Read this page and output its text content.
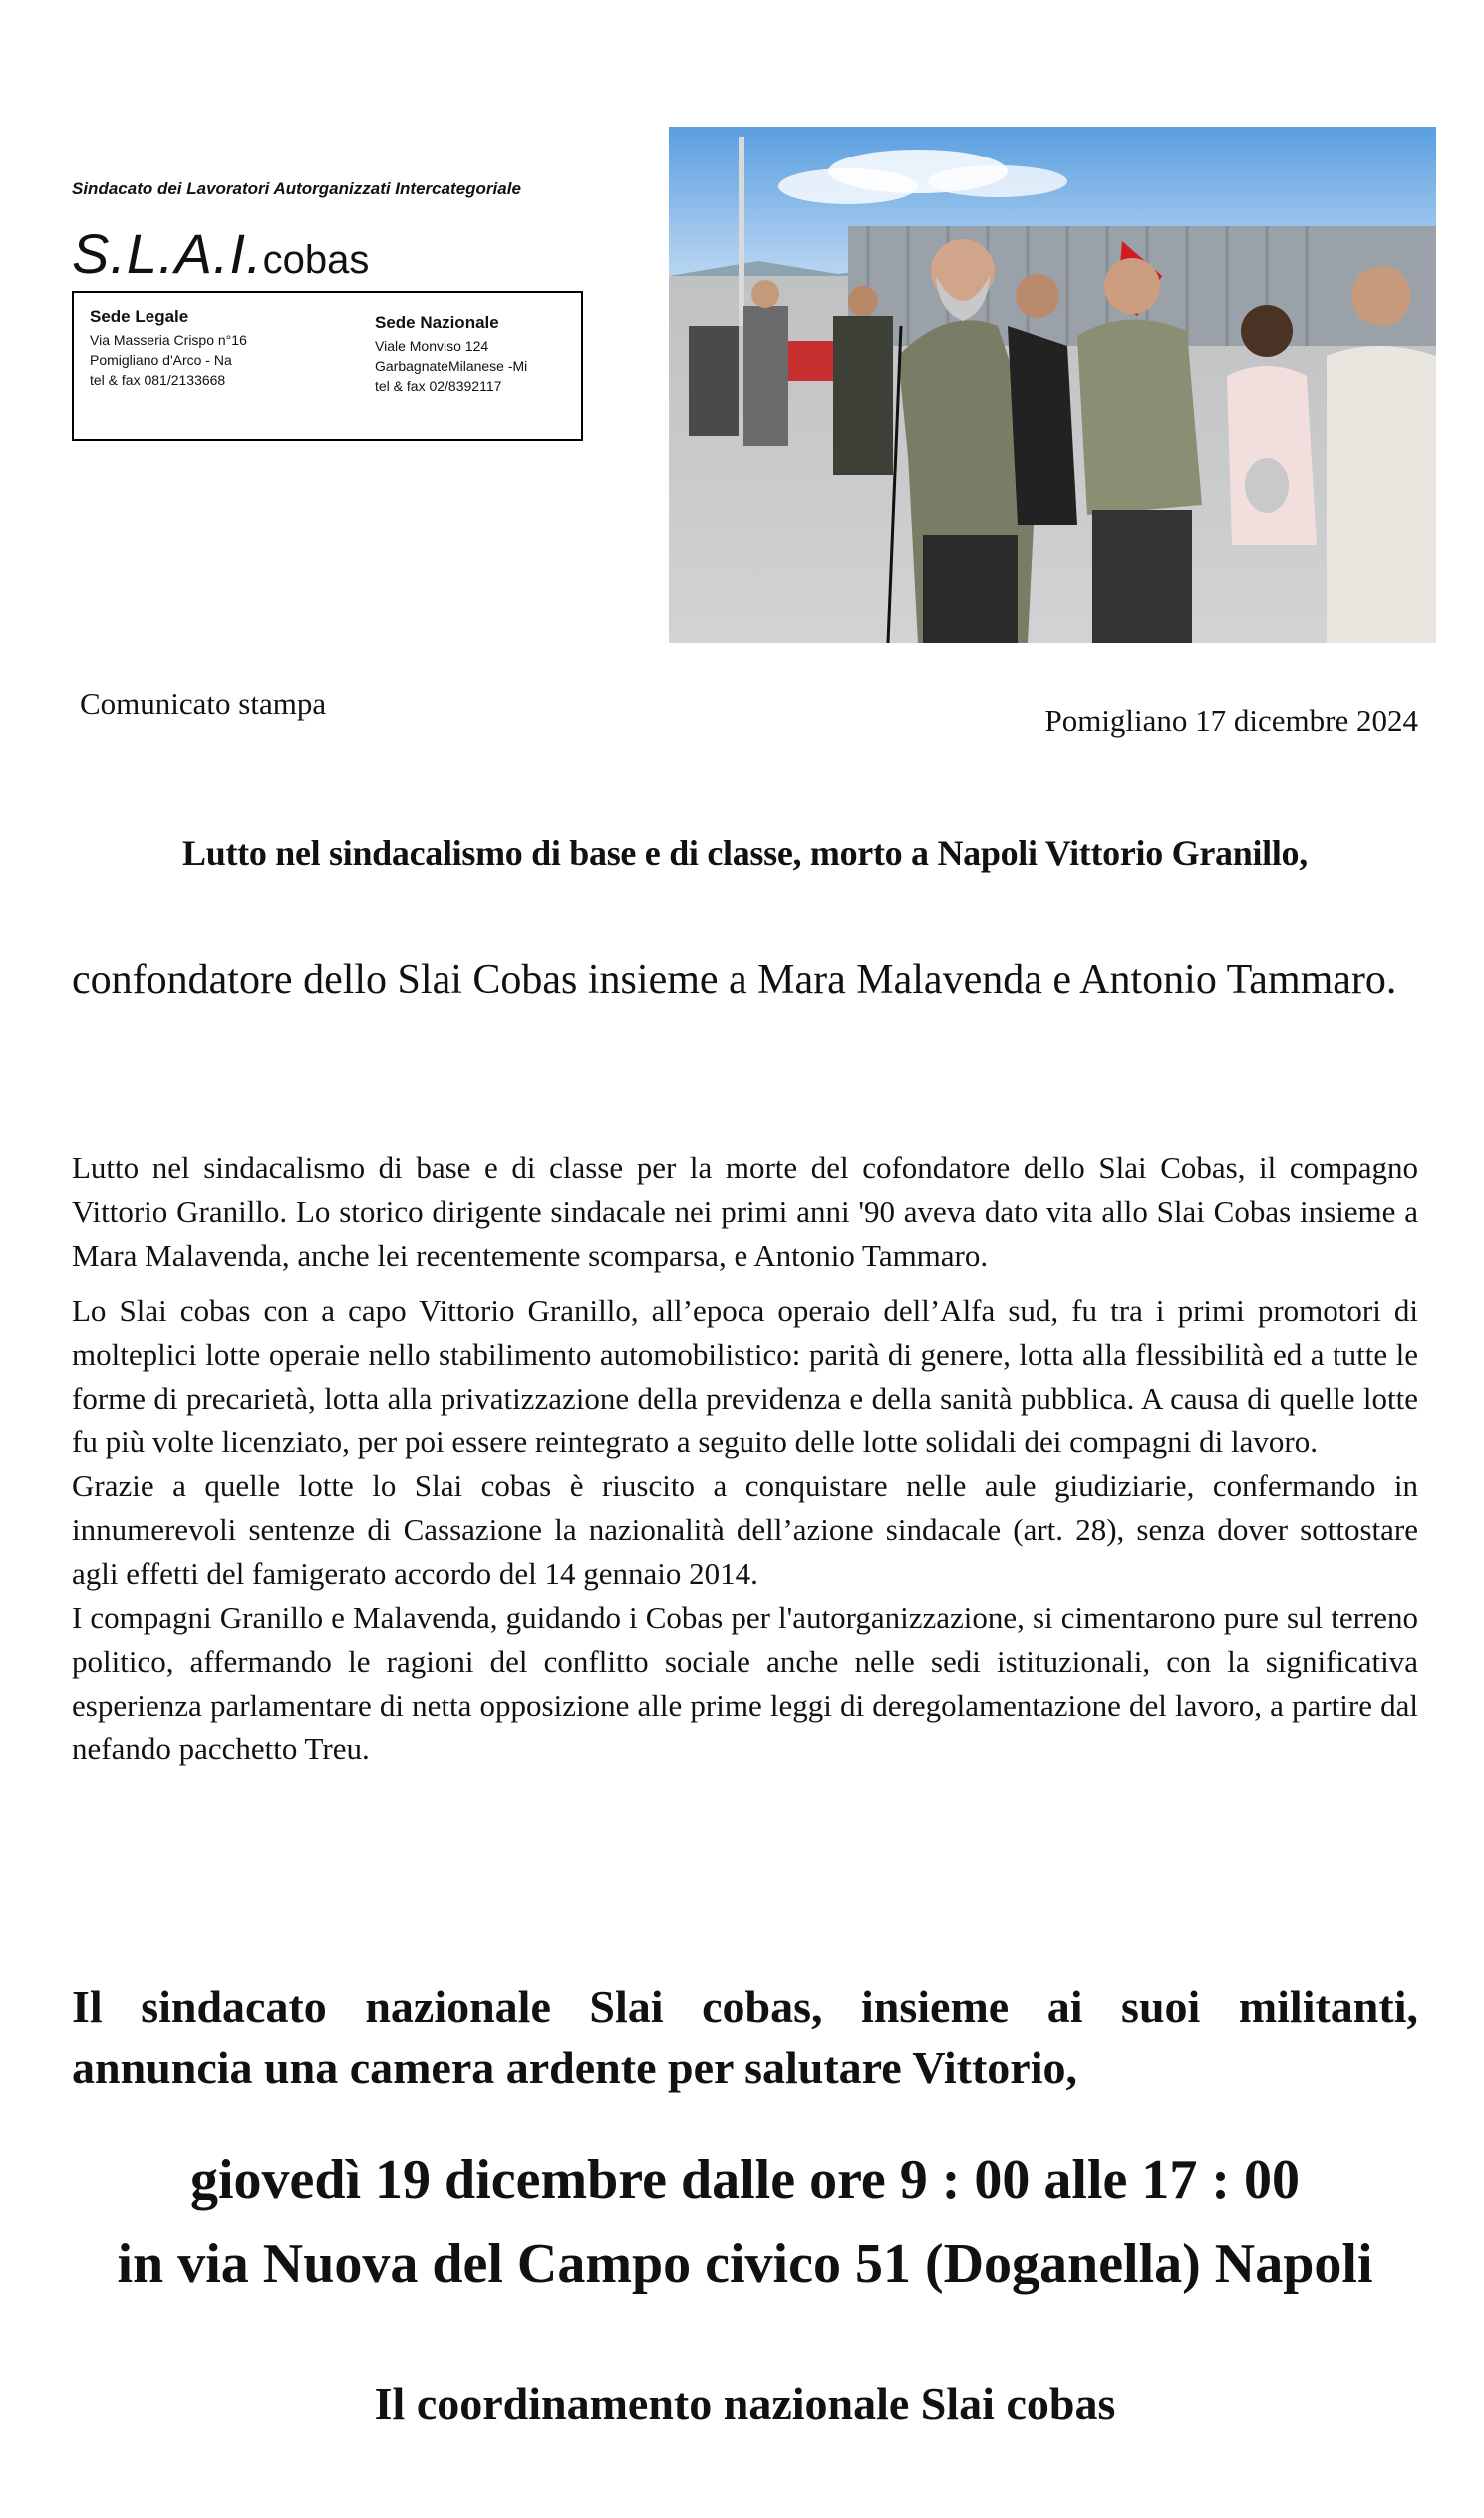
Sindacato dei Lavoratori Autorganizzati Intercategoriale
S.L.A.I.cobas
Sede Legale
Via Masseria Crispo n°16
Pomigliano d'Arco - Na
tel & fax 081/2133668
Sede Nazionale
Viale Monviso 124
GarbagnateMilanese -Mi
tel & fax 02/8392117
Comunicato stampa	Pomigliano 17 dicembre 2024
Lutto nel sindacalismo di base e di classe, morto a Napoli Vittorio Granillo,
confondatore dello Slai Cobas insieme a Mara Malavenda e Antonio Tammaro.

Lutto nel sindacalismo di base e di classe per la morte del cofondatore dello Slai Cobas, il compagno Vittorio Granillo. Lo storico dirigente sindacale nei primi anni '90 aveva dato vita allo Slai Cobas insieme a Mara Malavenda, anche lei recentemente scomparsa, e Antonio Tammaro.

Lo Slai cobas con a capo Vittorio Granillo, all’epoca operaio dell’Alfa sud, fu tra i primi promotori di molteplici lotte operaie nello stabilimento automobilistico: parità di genere, lotta alla flessibilità ed a tutte le forme di precarietà, lotta alla privatizzazione della previdenza e della sanità pubblica. A causa di quelle lotte fu più volte licenziato, per poi essere reintegrato a seguito delle lotte solidali dei compagni di lavoro.

Grazie a quelle lotte lo Slai cobas è riuscito a conquistare nelle aule giudiziarie, confermando in innumerevoli sentenze di Cassazione la nazionalità dell’azione sindacale (art. 28), senza dover sottostare agli effetti del famigerato accordo del 14 gennaio 2014.

I compagni Granillo e Malavenda, guidando i Cobas per l'autorganizzazione, si cimentarono pure sul terreno politico, affermando le ragioni del conflitto sociale anche nelle sedi istituzionali, con la significativa esperienza parlamentare di netta opposizione alle prime leggi di deregolamentazione del lavoro, a partire dal nefando pacchetto Treu.

Il sindacato nazionale Slai cobas, insieme ai suoi militanti,
annuncia una camera ardente per salutare Vittorio,
giovedì 19 dicembre dalle ore 9 : 00 alle 17 : 00
in via Nuova del Campo civico 51 (Doganella) Napoli
Il coordinamento nazionale Slai cobas
